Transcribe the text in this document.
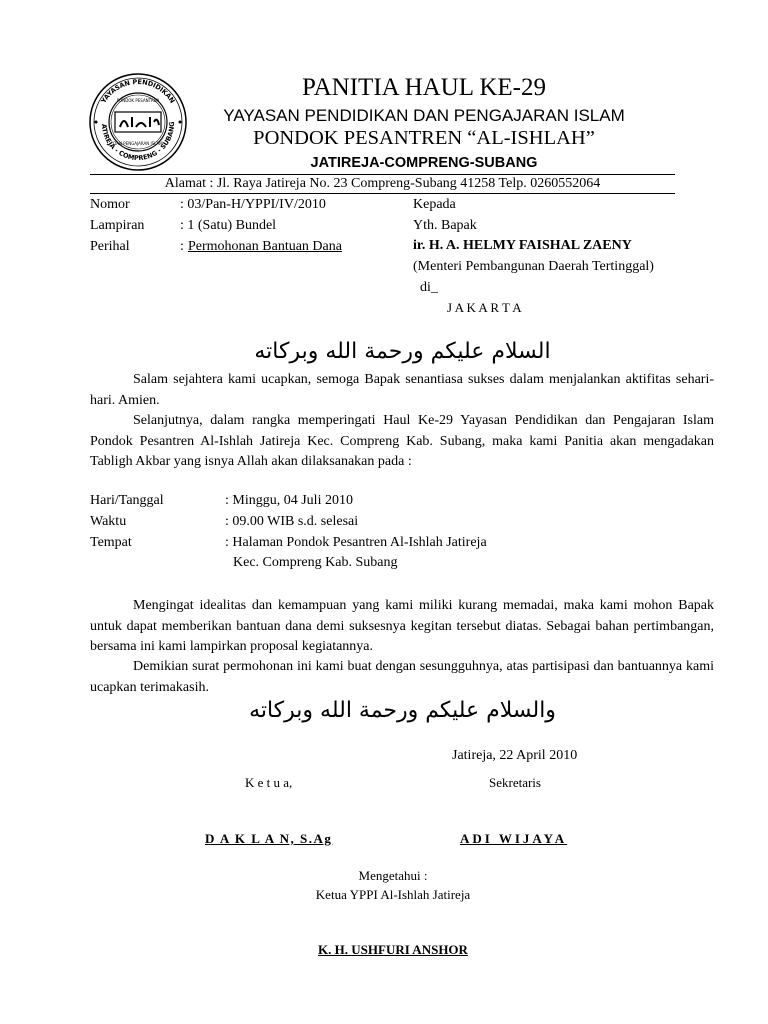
YAYASAN PENDIDIKAN
ATIREJA - COMPRENG - SUBANG
PONDOK PESANTREN
DAN PENGAJARAN ISLAM
PANITIA HAUL KE-29
YAYASAN PENDIDIKAN DAN PENGAJARAN ISLAM
PONDOK PESANTREN “AL-ISHLAH”
JATIREJA-COMPRENG-SUBANG
Alamat : Jl. Raya Jatireja No. 23 Compreng-Subang 41258 Telp. 0260552064
Nomor	: 03/Pan-H/YPPI/IV/2010
Lampiran	: 1 (Satu) Bundel
Perihal	: Permohonan Bantuan Dana
Kepada
Yth. Bapak
ir. H. A. HELMY FAISHAL ZAENY
(Menteri Pembangunan Daerah Tertinggal)
di_
J A K A R T A
السلام عليكم ورحمة الله وبركاته
Salam sejahtera kami ucapkan, semoga Bapak senantiasa sukses dalam menjalankan aktifitas sehari-hari. Amien.
Selanjutnya, dalam rangka memperingati Haul Ke-29 Yayasan Pendidikan dan Pengajaran Islam Pondok Pesantren Al-Ishlah Jatireja Kec. Compreng Kab. Subang, maka kami Panitia akan mengadakan Tabligh Akbar yang isnya Allah akan dilaksanakan pada :
Hari/Tanggal	: Minggu, 04 Juli 2010
Waktu	: 09.00 WIB s.d. selesai
Tempat	: Halaman Pondok Pesantren Al-Ishlah Jatireja
Kec. Compreng Kab. Subang
Mengingat idealitas dan kemampuan yang kami miliki kurang memadai, maka kami mohon Bapak untuk dapat memberikan bantuan dana demi suksesnya kegitan tersebut diatas. Sebagai bahan pertimbangan, bersama ini kami lampirkan proposal kegiatannya.
Demikian surat permohonan ini kami buat dengan sesungguhnya, atas partisipasi dan bantuannya kami ucapkan terimakasih.
والسلام عليكم ورحمة الله وبركاته
Jatireja, 22 April 2010
K e t u a,	Sekretaris
D A K L A N, S.Ag	ADI WIJAYA
Mengetahui :
Ketua YPPI Al-Ishlah Jatireja
K. H. USHFURI ANSHOR
